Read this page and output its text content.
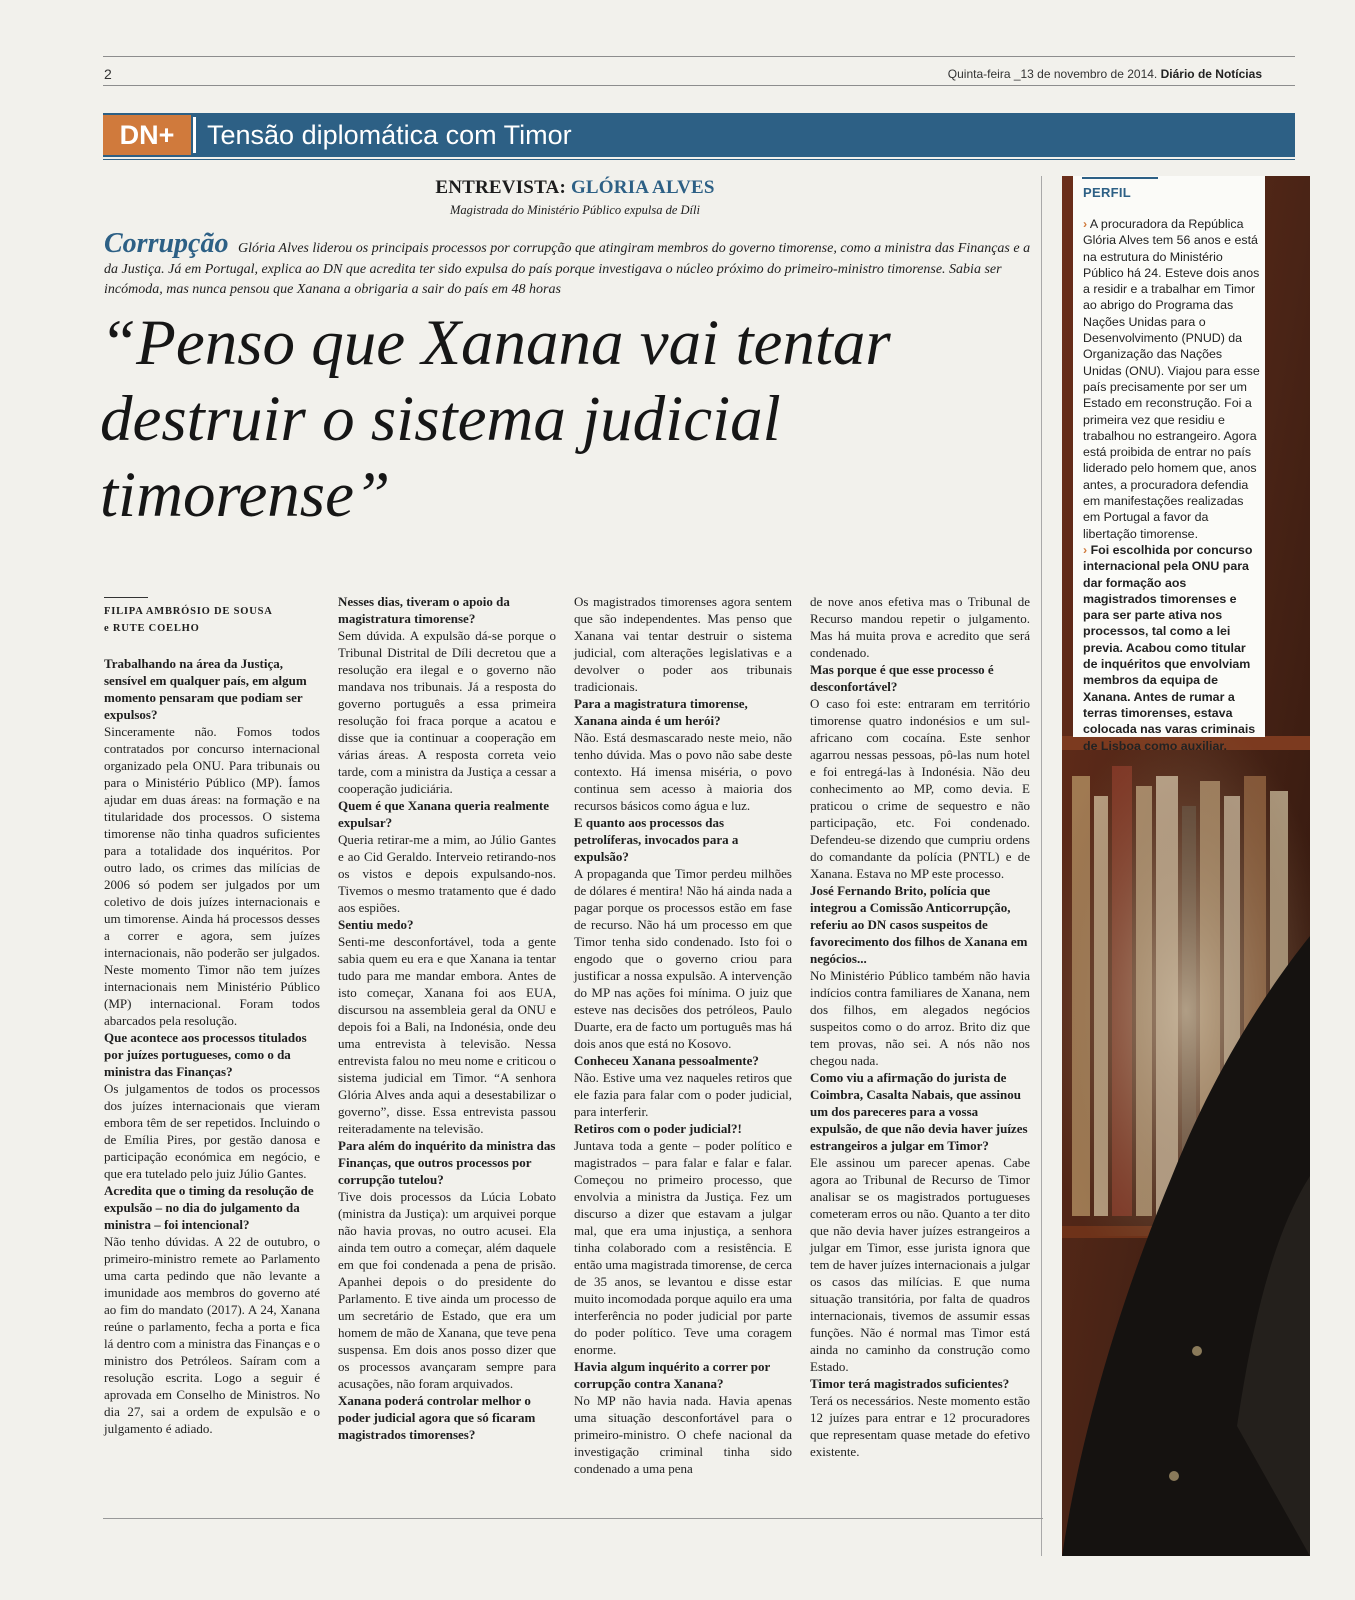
2	Quinta-feira _13 de novembro de 2014. Diário de Notícias
DN+	Tensão diplomática com Timor
ENTREVISTA: GLÓRIA ALVES
Magistrada do Ministério Público expulsa de Díli
Corrupção Glória Alves liderou os principais processos por corrupção que atingiram membros do governo timorense, como a ministra das Finanças e a da Justiça. Já em Portugal, explica ao DN que acredita ter sido expulsa do país porque investigava o núcleo próximo do primeiro-ministro timorense. Sabia ser incómoda, mas nunca pensou que Xanana a obrigaria a sair do país em 48 horas
“Penso que Xanana vai tentar destruir o sistema judicial timorense”
FILIPA AMBRÓSIO DE SOUSA
e RUTE COELHO
Trabalhando na área da Justiça, sensível em qualquer país, em algum momento pensaram que podiam ser expulsos?
Sinceramente não. Fomos todos contratados por concurso internacional organizado pela ONU. Para tribunais ou para o Ministério Público (MP). Íamos ajudar em duas áreas: na formação e na titularidade dos processos. O sistema timorense não tinha quadros suficientes para a totalidade dos inquéritos. Por outro lado, os crimes das milícias de 2006 só podem ser julgados por um coletivo de dois juízes internacionais e um timorense. Ainda há processos desses a correr e agora, sem juízes internacionais, não poderão ser julgados. Neste momento Timor não tem juízes internacionais nem Ministério Público (MP) internacional. Foram todos abarcados pela resolução.
Que acontece aos processos titulados por juízes portugueses, como o da ministra das Finanças?
Os julgamentos de todos os processos dos juízes internacionais que vieram embora têm de ser repetidos. Incluindo o de Emília Pires, por gestão danosa e participação económica em negócio, e que era tutelado pelo juiz Júlio Gantes.
Acredita que o timing da resolução de expulsão – no dia do julgamento da ministra – foi intencional?
Não tenho dúvidas. A 22 de outubro, o primeiro-ministro remete ao Parlamento uma carta pedindo que não levante a imunidade aos membros do governo até ao fim do mandato (2017). A 24, Xanana reúne o parlamento, fecha a porta e fica lá dentro com a ministra das Finanças e o ministro dos Petróleos. Saíram com a resolução escrita. Logo a seguir é aprovada em Conselho de Ministros. No dia 27, sai a ordem de expulsão e o julgamento é adiado.
Nesses dias, tiveram o apoio da magistratura timorense?
Sem dúvida. A expulsão dá-se porque o Tribunal Distrital de Díli decretou que a resolução era ilegal e o governo não mandava nos tribunais. Já a resposta do governo português a essa primeira resolução foi fraca porque a acatou e disse que ia continuar a cooperação em várias áreas. A resposta correta veio tarde, com a ministra da Justiça a cessar a cooperação judiciária.
Quem é que Xanana queria realmente expulsar?
Queria retirar-me a mim, ao Júlio Gantes e ao Cid Geraldo. Interveio retirando-nos os vistos e depois expulsando-nos. Tivemos o mesmo tratamento que é dado aos espiões.
Sentiu medo?
Senti-me desconfortável, toda a gente sabia quem eu era e que Xanana ia tentar tudo para me mandar embora. Antes de isto começar, Xanana foi aos EUA, discursou na assembleia geral da ONU e depois foi a Bali, na Indonésia, onde deu uma entrevista à televisão. Nessa entrevista falou no meu nome e criticou o sistema judicial em Timor. “A senhora Glória Alves anda aqui a desestabilizar o governo”, disse. Essa entrevista passou reiteradamente na televisão.
Para além do inquérito da ministra das Finanças, que outros processos por corrupção tutelou?
Tive dois processos da Lúcia Lobato (ministra da Justiça): um arquivei porque não havia provas, no outro acusei. Ela ainda tem outro a começar, além daquele em que foi condenada a pena de prisão. Apanhei depois o do presidente do Parlamento. E tive ainda um processo de um secretário de Estado, que era um homem de mão de Xanana, que teve pena suspensa. Em dois anos posso dizer que os processos avançaram sempre para acusações, não foram arquivados.
Xanana poderá controlar melhor o poder judicial agora que só ficaram magistrados timorenses?
Os magistrados timorenses agora sentem que são independentes. Mas penso que Xanana vai tentar destruir o sistema judicial, com alterações legislativas e a devolver o poder aos tribunais tradicionais.
Para a magistratura timorense, Xanana ainda é um herói?
Não. Está desmascarado neste meio, não tenho dúvida. Mas o povo não sabe deste contexto. Há imensa miséria, o povo continua sem acesso à maioria dos recursos básicos como água e luz.
E quanto aos processos das petrolíferas, invocados para a expulsão?
A propaganda que Timor perdeu milhões de dólares é mentira! Não há ainda nada a pagar porque os processos estão em fase de recurso. Não há um processo em que Timor tenha sido condenado. Isto foi o engodo que o governo criou para justificar a nossa expulsão. A intervenção do MP nas ações foi mínima. O juiz que esteve nas decisões dos petróleos, Paulo Duarte, era de facto um português mas há dois anos que está no Kosovo.
Conheceu Xanana pessoalmente?
Não. Estive uma vez naqueles retiros que ele fazia para falar com o poder judicial, para interferir.
Retiros com o poder judicial?!
Juntava toda a gente – poder político e magistrados – para falar e falar e falar. Começou no primeiro processo, que envolvia a ministra da Justiça. Fez um discurso a dizer que estavam a julgar mal, que era uma injustiça, a senhora tinha colaborado com a resistência. E então uma magistrada timorense, de cerca de 35 anos, se levantou e disse estar muito incomodada porque aquilo era uma interferência no poder judicial por parte do poder político. Teve uma coragem enorme.
Havia algum inquérito a correr por corrupção contra Xanana?
No MP não havia nada. Havia apenas uma situação desconfortável para o primeiro-ministro. O chefe nacional da investigação criminal tinha sido condenado a uma pena
de nove anos efetiva mas o Tribunal de Recurso mandou repetir o julgamento. Mas há muita prova e acredito que será condenado.
Mas porque é que esse processo é desconfortável?
O caso foi este: entraram em território timorense quatro indonésios e um sul-africano com cocaína. Este senhor agarrou nessas pessoas, pô-las num hotel e foi entregá-las à Indonésia. Não deu conhecimento ao MP, como devia. E praticou o crime de sequestro e não participação, etc. Foi condenado. Defendeu-se dizendo que cumpriu ordens do comandante da polícia (PNTL) e de Xanana. Estava no MP este processo.
José Fernando Brito, polícia que integrou a Comissão Anticorrupção, referiu ao DN casos suspeitos de favorecimento dos filhos de Xanana em negócios...
No Ministério Público também não havia indícios contra familiares de Xanana, nem dos filhos, em alegados negócios suspeitos como o do arroz. Brito diz que tem provas, não sei. A nós não nos chegou nada.
Como viu a afirmação do jurista de Coimbra, Casalta Nabais, que assinou um dos pareceres para a vossa expulsão, de que não devia haver juízes estrangeiros a julgar em Timor?
Ele assinou um parecer apenas. Cabe agora ao Tribunal de Recurso de Timor analisar se os magistrados portugueses cometeram erros ou não. Quanto a ter dito que não devia haver juízes estrangeiros a julgar em Timor, esse jurista ignora que tem de haver juízes internacionais a julgar os casos das milícias. E que numa situação transitória, por falta de quadros internacionais, tivemos de assumir essas funções. Não é normal mas Timor está ainda no caminho da construção como Estado.
Timor terá magistrados suficientes?
Terá os necessários. Neste momento estão 12 juízes para entrar e 12 procuradores que representam quase metade do efetivo existente.
PERFIL
› A procuradora da República Glória Alves tem 56 anos e está na estrutura do Ministério Público há 24. Esteve dois anos a residir e a trabalhar em Timor ao abrigo do Programa das Nações Unidas para o Desenvolvimento (PNUD) da Organização das Nações Unidas (ONU). Viajou para esse país precisamente por ser um Estado em reconstrução. Foi a primeira vez que residiu e trabalhou no estrangeiro. Agora está proibida de entrar no país liderado pelo homem que, anos antes, a procuradora defendia em manifestações realizadas em Portugal a favor da libertação timorense.
› Foi escolhida por concurso internacional pela ONU para dar formação aos magistrados timorenses e para ser parte ativa nos processos, tal como a lei previa. Acabou como titular de inquéritos que envolviam membros da equipa de Xanana. Antes de rumar a terras timorenses, estava colocada nas varas criminais de Lisboa como auxiliar.
